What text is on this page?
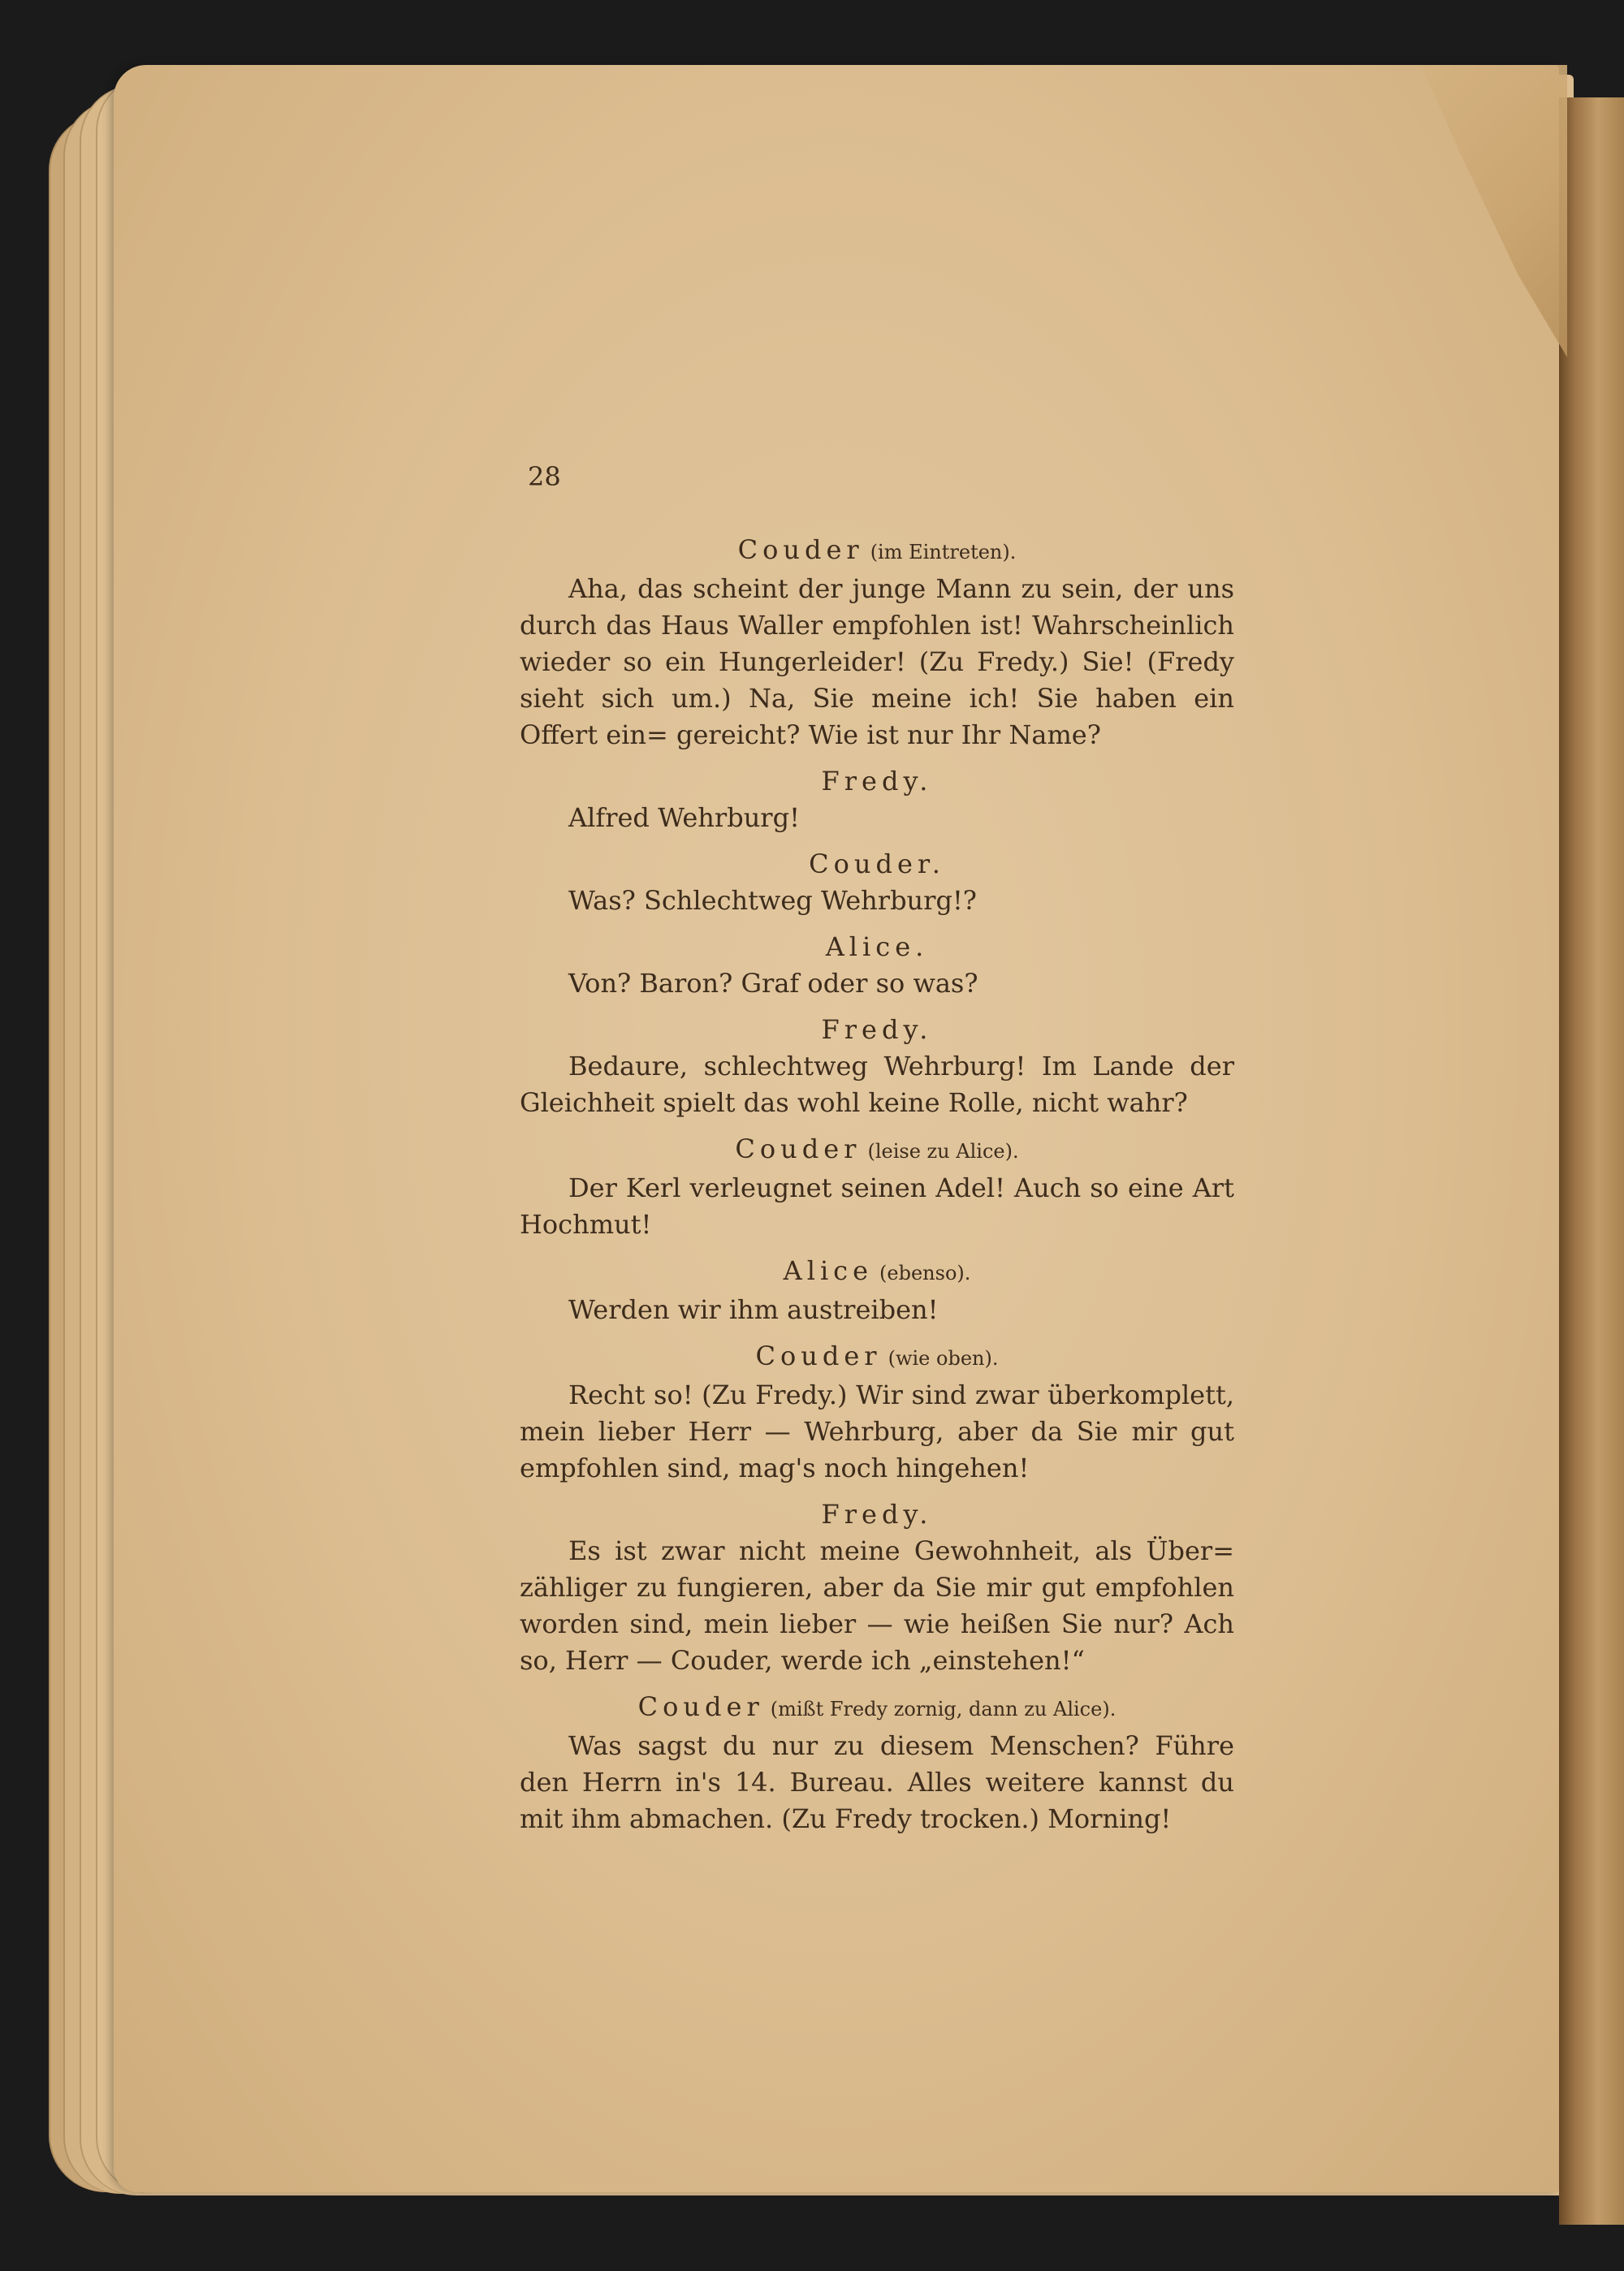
28

Couder (im Eintreten).

Aha, das scheint der junge Mann zu sein, der uns durch das Haus Waller empfohlen ist! Wahrscheinlich wieder so ein Hungerleider! (Zu Fredy.) Sie! (Fredy sieht sich um.) Na, Sie meine ich! Sie haben ein Offert ein= gereicht? Wie ist nur Ihr Name?

Fredy.

Alfred Wehrburg!

Couder.

Was? Schlechtweg Wehrburg!?

Alice.

Von? Baron? Graf oder so was?

Fredy.

Bedaure, schlechtweg Wehrburg! Im Lande der Gleichheit spielt das wohl keine Rolle, nicht wahr?

Couder (leise zu Alice).

Der Kerl verleugnet seinen Adel! Auch so eine Art Hochmut!

Alice (ebenso).

Werden wir ihm austreiben!

Couder (wie oben).

Recht so! (Zu Fredy.) Wir sind zwar überkomplett, mein lieber Herr — Wehrburg, aber da Sie mir gut empfohlen sind, mag's noch hingehen!

Fredy.

Es ist zwar nicht meine Gewohnheit, als Über= zähliger zu fungieren, aber da Sie mir gut empfohlen worden sind, mein lieber — wie heißen Sie nur? Ach so, Herr — Couder, werde ich „einstehen!“

Couder (mißt Fredy zornig, dann zu Alice).

Was sagst du nur zu diesem Menschen? Führe den Herrn in's 14. Bureau. Alles weitere kannst du mit ihm abmachen. (Zu Fredy trocken.) Morning!
